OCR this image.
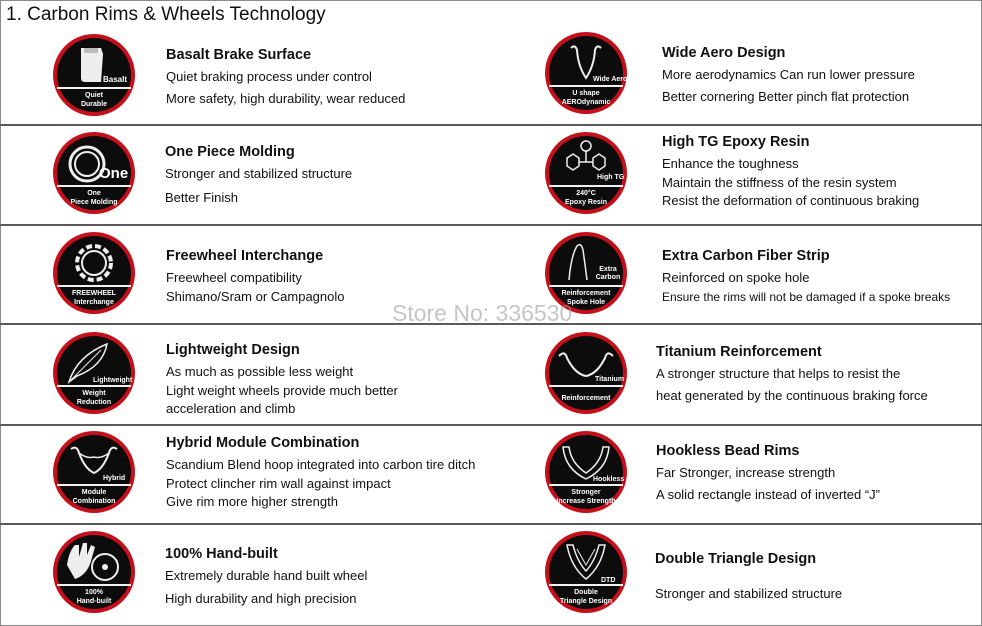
1. Carbon Rims & Wheels Technology
Basalt
Quiet
Durable
Basalt Brake Surface
Quiet braking process under control
More safety, high durability, wear reduced
Wide Aero
U shape
AEROdynamic
Wide Aero Design
More aerodynamics Can run lower pressure
Better cornering Better pinch flat protection
One
One
Piece Molding
One Piece Molding
Stronger and stabilized structure
Better Finish
High TG
240°C
Epoxy Resin
High TG Epoxy Resin
Enhance the toughness
Maintain the stiffness of the resin system
Resist the deformation of continuous braking
FREEWHEEL
Interchange
Freewheel Interchange
Freewheel compatibility
Shimano/Sram or Campagnolo
Extra Carbon
Reinforcement
Spoke Hole
Extra Carbon Fiber Strip
Reinforced on spoke hole
Ensure the rims will not be damaged if a spoke breaks
Store No: 336530
Lightweight
Weight
Reduction
Lightweight Design
As much as possible less weight
Light weight wheels provide much better
acceleration and climb
Titanium
Reinforcement
Titanium Reinforcement
A stronger structure that helps to resist the
heat generated by the continuous braking force
Hybrid
Module
Combination
Hybrid Module Combination
Scandium Blend hoop integrated into carbon tire ditch
Protect clincher rim wall against impact
Give rim more higher strength
Hookless
Stronger
Increase Strength
Hookless Bead Rims
Far Stronger, increase strength
A solid rectangle instead of inverted “J”
100%
Hand-built
100% Hand-built
Extremely durable hand built wheel
High durability and high precision
DTD
Double
Triangle Design
Double Triangle Design
Stronger and stabilized structure
